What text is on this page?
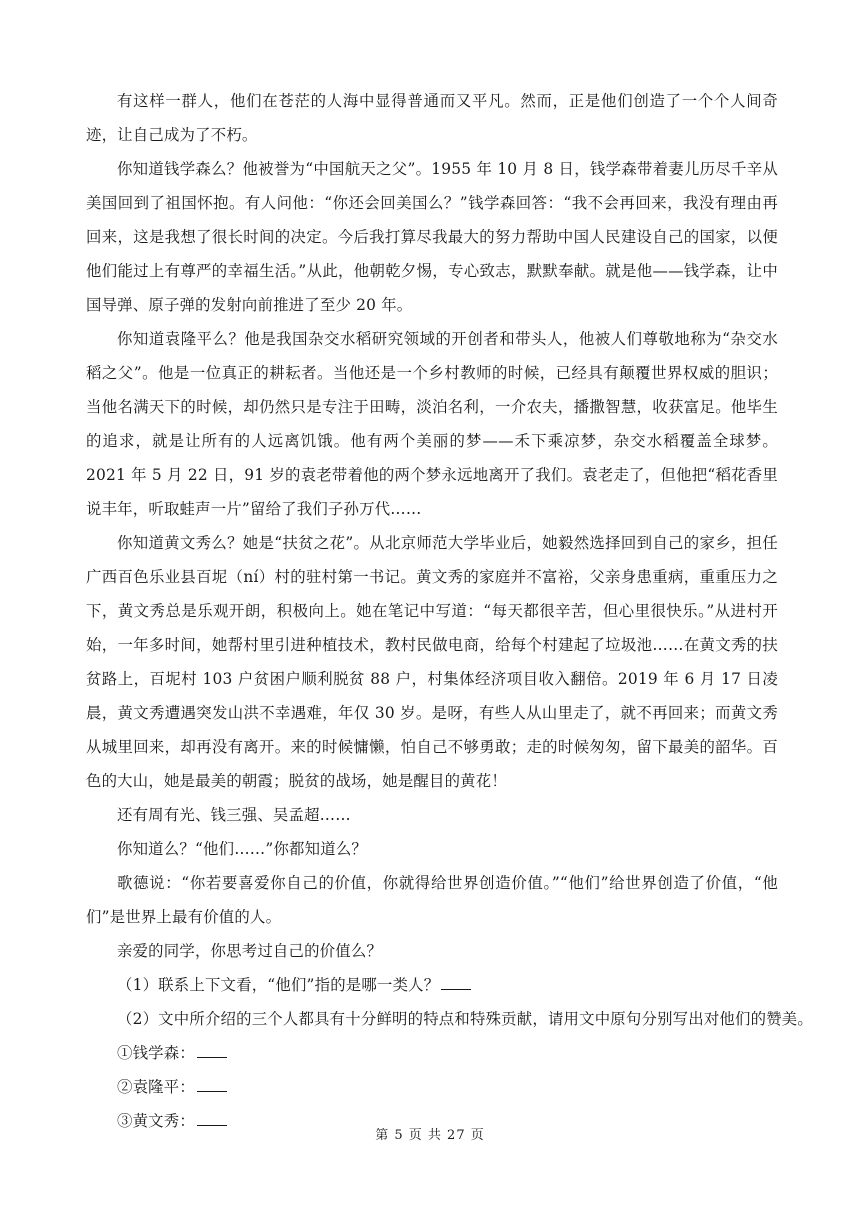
有这样一群人，他们在苍茫的人海中显得普通而又平凡。然而，正是他们创造了一个个人间奇迹，让自己成为了不朽。

你知道钱学森么？他被誉为“中国航天之父”。1955 年 10 月 8 日，钱学森带着妻儿历尽千辛从美国回到了祖国怀抱。有人问他：“你还会回美国么？”钱学森回答：“我不会再回来，我没有理由再回来，这是我想了很长时间的决定。今后我打算尽我最大的努力帮助中国人民建设自己的国家，以便他们能过上有尊严的幸福生活。”从此，他朝乾夕惕，专心致志，默默奉献。就是他——钱学森，让中国导弹、原子弹的发射向前推进了至少 20 年。

你知道袁隆平么？他是我国杂交水稻研究领域的开创者和带头人，他被人们尊敬地称为“杂交水稻之父”。他是一位真正的耕耘者。当他还是一个乡村教师的时候，已经具有颠覆世界权威的胆识；当他名满天下的时候，却仍然只是专注于田畴，淡泊名利，一介农夫，播撒智慧，收获富足。他毕生的追求，就是让所有的人远离饥饿。他有两个美丽的梦——禾下乘凉梦，杂交水稻覆盖全球梦。2021 年 5 月 22 日，91 岁的袁老带着他的两个梦永远地离开了我们。袁老走了，但他把“稻花香里说丰年，听取蛙声一片”留给了我们子孙万代……

你知道黄文秀么？她是“扶贫之花”。从北京师范大学毕业后，她毅然选择回到自己的家乡，担任广西百色乐业县百坭（ní）村的驻村第一书记。黄文秀的家庭并不富裕，父亲身患重病，重重压力之下，黄文秀总是乐观开朗，积极向上。她在笔记中写道：“每天都很辛苦，但心里很快乐。”从进村开始，一年多时间，她帮村里引进种植技术，教村民做电商，给每个村建起了垃圾池……在黄文秀的扶贫路上，百坭村 103 户贫困户顺利脱贫 88 户，村集体经济项目收入翻倍。2019 年 6 月 17 日凌晨，黄文秀遭遇突发山洪不幸遇难，年仅 30 岁。是呀，有些人从山里走了，就不再回来；而黄文秀从城里回来，却再没有离开。来的时候慵懒，怕自己不够勇敢；走的时候匆匆，留下最美的韶华。百色的大山，她是最美的朝霞；脱贫的战场，她是醒目的黄花！

还有周有光、钱三强、吴孟超……

你知道么？“他们……”你都知道么？

歌德说：“你若要喜爱你自己的价值，你就得给世界创造价值。”“他们”给世界创造了价值，“他们”是世界上最有价值的人。

亲爱的同学，你思考过自己的价值么？

（1）联系上下文看，“他们”指的是哪一类人？

（2）文中所介绍的三个人都具有十分鲜明的特点和特殊贡献，请用文中原句分别写出对他们的赞美。

①钱学森：

②袁隆平：

③黄文秀：

第 5 页 共 27 页
